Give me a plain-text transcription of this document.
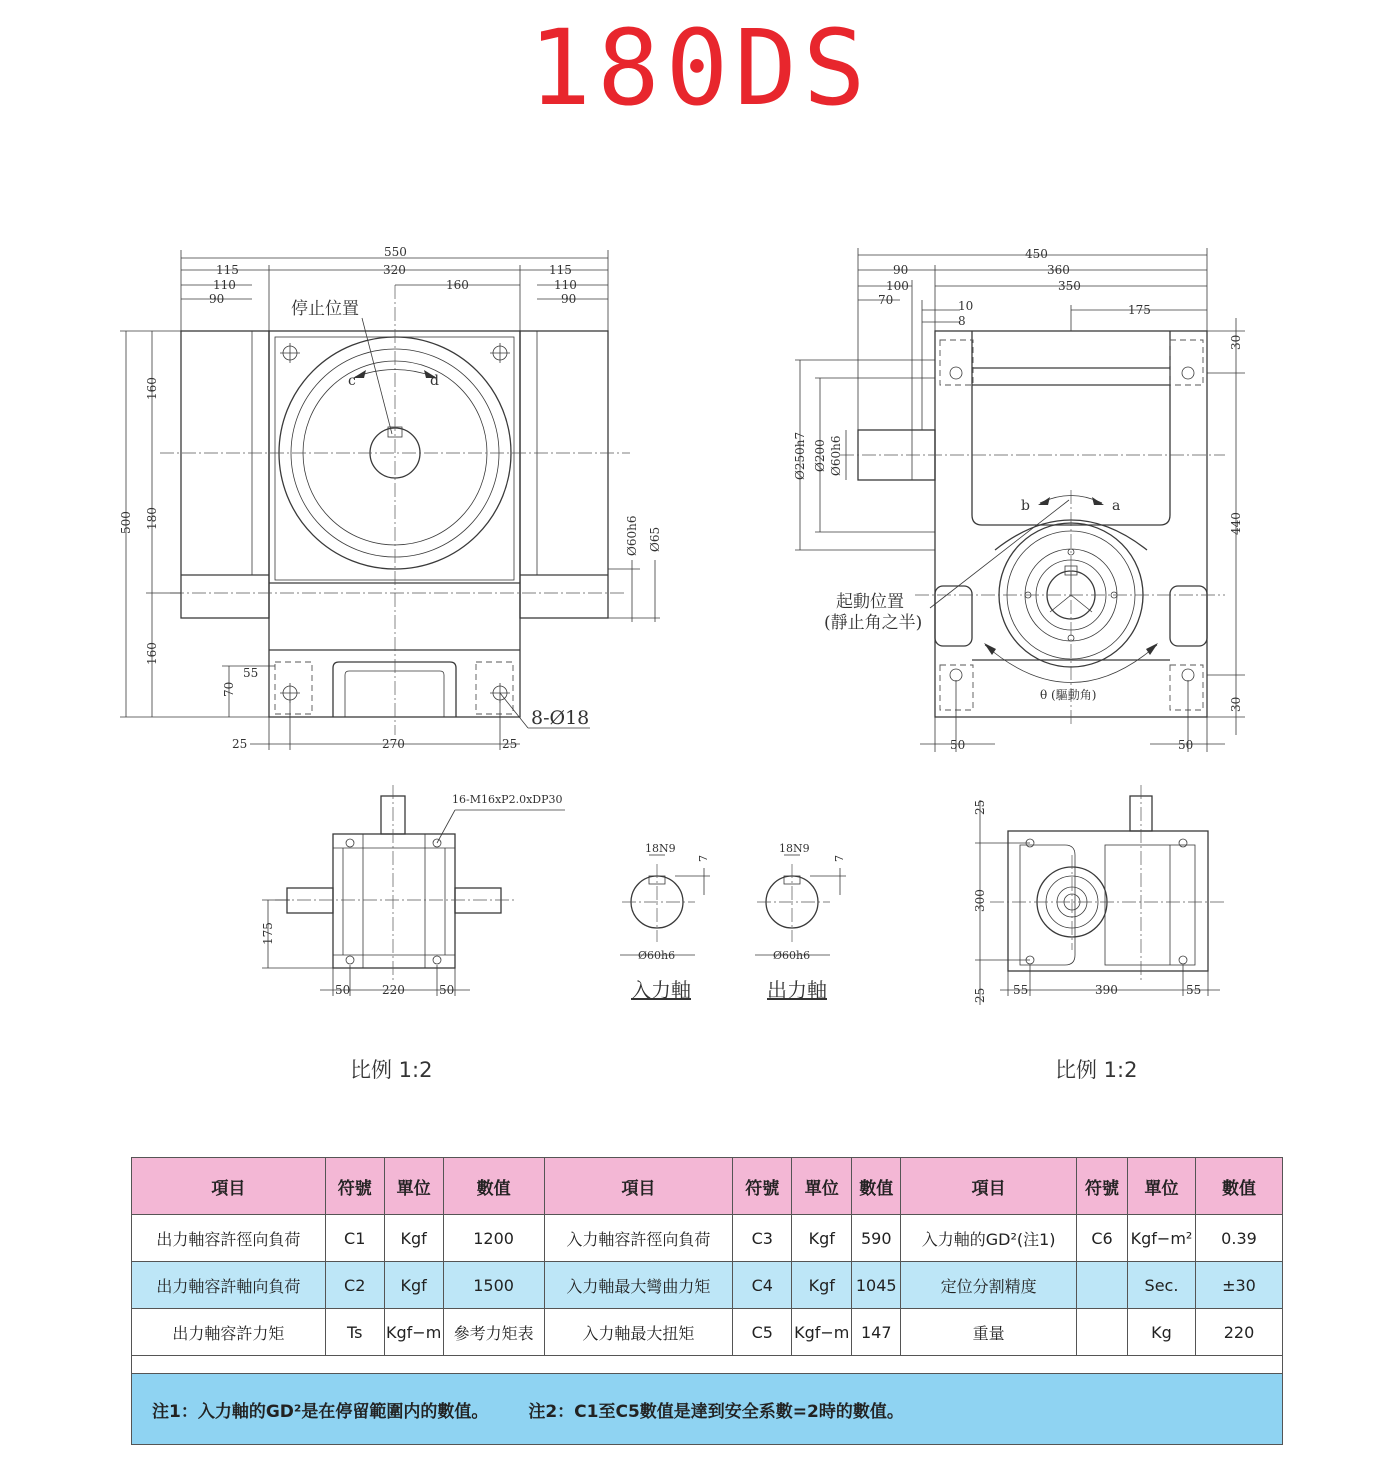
180DS
550
115	320	115
110	110
90
160
90
160
180
160
500
70
55
25	270	25
Ø60h6 Ø65
8-Ø18
停止位置
c	d
450
90	360
100	350
70	10
8
175
30
440
30
50	50
Ø250h7 Ø200 Ø60h6
起動位置
(靜止角之半)
b	a
θ (驅動角)
16-M16xP2.0xDP30
175
50	220	50
18N9
7
Ø60h6
入力軸
18N9
7
Ø60h6
出力軸
25
300
25 55	390	55
比例 1:2	比例 1:2
項目	符號	單位	數值	項目	符號	單位	數值	項目	符號	單位	數值
出力軸容許徑向負荷	C1	Kgf	1200	入力軸容許徑向負荷	C3	Kgf	590	入力軸的GD²(注1)	C6	Kgf−m²	0.39
出力軸容許軸向負荷	C2	Kgf	1500	入力軸最大彎曲力矩	C4	Kgf	1045	定位分割精度		Sec.	±30
出力軸容許力矩	Ts	Kgf−m	參考力矩表	入力軸最大扭矩	C5	Kgf−m	147	重量		Kg	220

注1：入力軸的GD²是在停留範圍内的數值。 注2：C1至C5數值是達到安全系數=2時的數值。											
